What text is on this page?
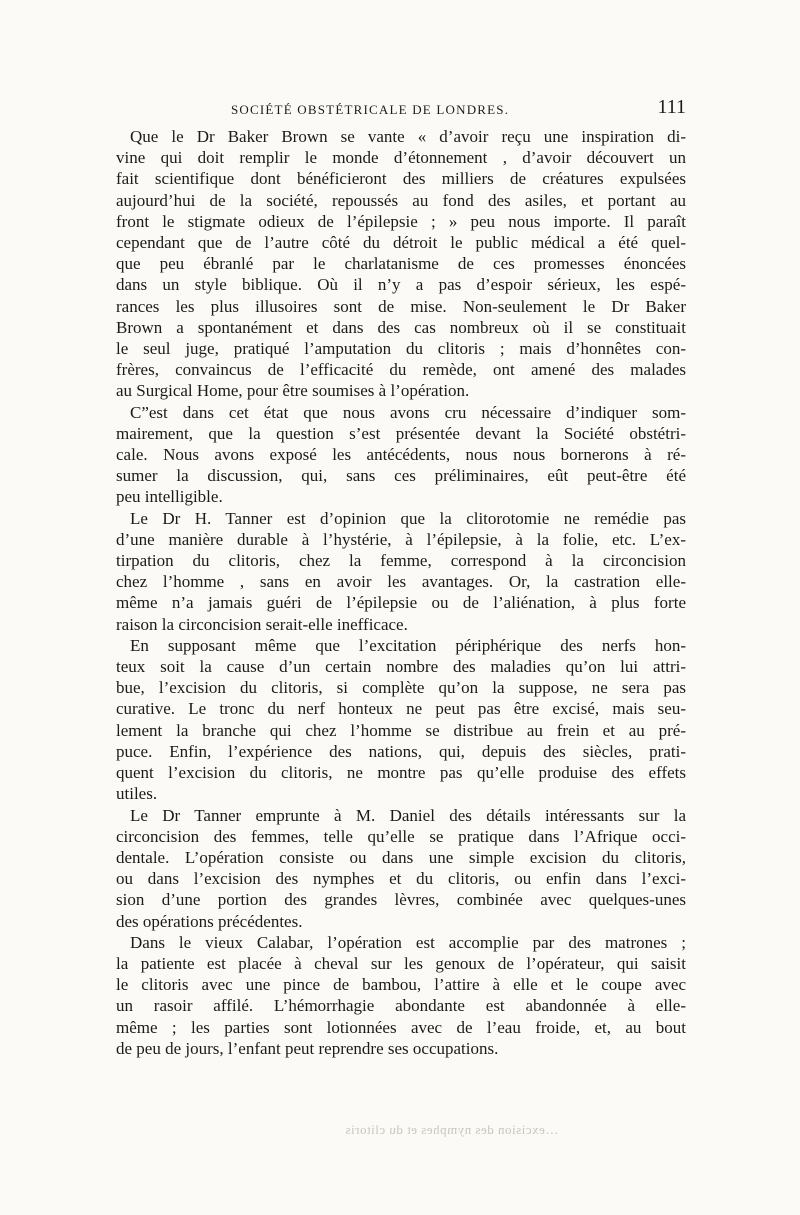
SOCIÉTÉ OBSTÉTRICALE DE LONDRES.	111

Que le Dr Baker Brown se vante « d’avoir reçu une inspiration di-
vine qui doit remplir le monde d’étonnement , d’avoir découvert un
fait scientifique dont bénéficieront des milliers de créatures expulsées
aujourd’hui de la société, repoussés au fond des asiles, et portant au
front le stigmate odieux de l’épilepsie ; » peu nous importe. Il paraît
cependant que de l’autre côté du détroit le public médical a été quel-
que peu ébranlé par le charlatanisme de ces promesses énoncées
dans un style biblique. Où il n’y a pas d’espoir sérieux, les espé-
rances les plus illusoires sont de mise. Non-seulement le Dr Baker
Brown a spontanément et dans des cas nombreux où il se constituait
le seul juge, pratiqué l’amputation du clitoris ; mais d’honnêtes con-
frères, convaincus de l’efficacité du remède, ont amené des malades
au Surgical Home, pour être soumises à l’opération.

C”est dans cet état que nous avons cru nécessaire d’indiquer som-
mairement, que la question s’est présentée devant la Société obstétri-
cale. Nous avons exposé les antécédents, nous nous bornerons à ré-
sumer la discussion, qui, sans ces préliminaires, eût peut-être été
peu intelligible.

Le Dr H. Tanner est d’opinion que la clitorotomie ne remédie pas
d’une manière durable à l’hystérie, à l’épilepsie, à la folie, etc. L’ex-
tirpation du clitoris, chez la femme, correspond à la circoncision
chez l’homme , sans en avoir les avantages. Or, la castration elle-
même n’a jamais guéri de l’épilepsie ou de l’aliénation, à plus forte
raison la circoncision serait-elle inefficace.

En supposant même que l’excitation périphérique des nerfs hon-
teux soit la cause d’un certain nombre des maladies qu’on lui attri-
bue, l’excision du clitoris, si complète qu’on la suppose, ne sera pas
curative. Le tronc du nerf honteux ne peut pas être excisé, mais seu-
lement la branche qui chez l’homme se distribue au frein et au pré-
puce. Enfin, l’expérience des nations, qui, depuis des siècles, prati-
quent l’excision du clitoris, ne montre pas qu’elle produise des effets
utiles.

Le Dr Tanner emprunte à M. Daniel des détails intéressants sur la
circoncision des femmes, telle qu’elle se pratique dans l’Afrique occi-
dentale. L’opération consiste ou dans une simple excision du clitoris,
ou dans l’excision des nymphes et du clitoris, ou enfin dans l’exci-
sion d’une portion des grandes lèvres, combinée avec quelques-unes
des opérations précédentes.

Dans le vieux Calabar, l’opération est accomplie par des matrones ;
la patiente est placée à cheval sur les genoux de l’opérateur, qui saisit
le clitoris avec une pince de bambou, l’attire à elle et le coupe avec
un rasoir affilé. L’hémorrhagie abondante est abandonnée à elle-
même ; les parties sont lotionnées avec de l’eau froide, et, au bout
de peu de jours, l’enfant peut reprendre ses occupations.

…excision des nymphes et du clitoris
